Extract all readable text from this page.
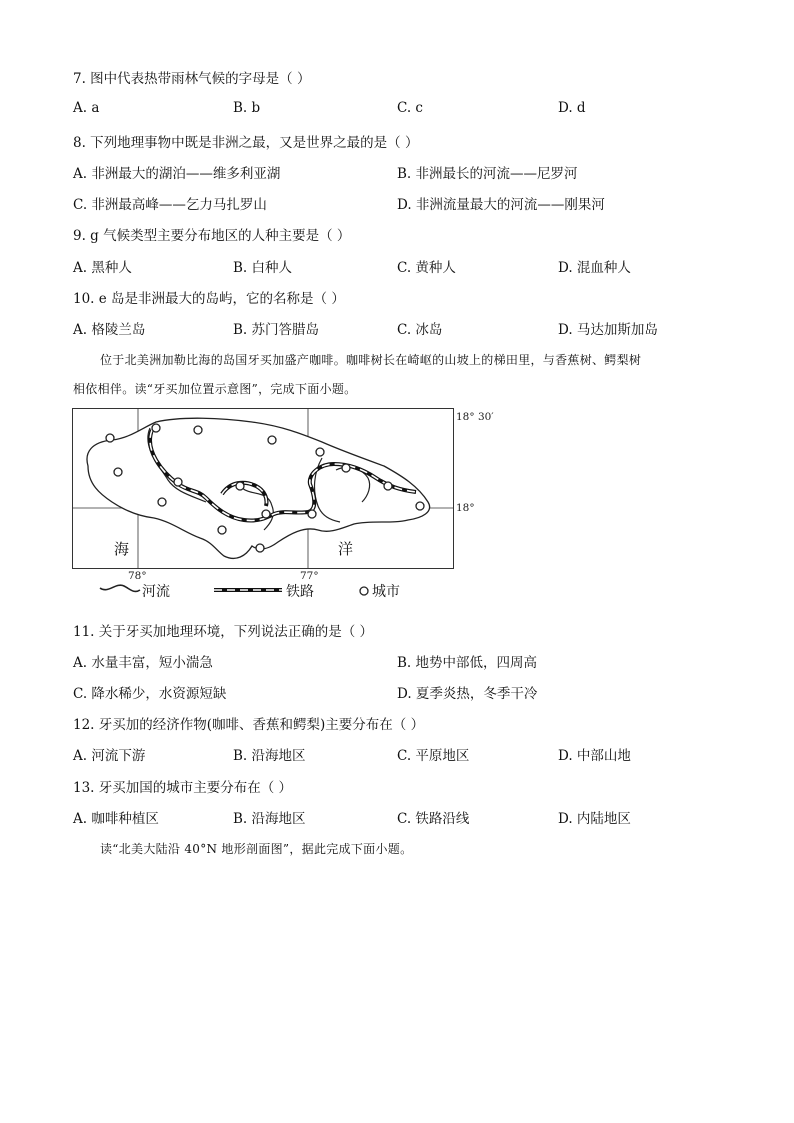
7. 图中代表热带雨林气候的字母是（ ）
A. a	B. b	C. c	D. d
8. 下列地理事物中既是非洲之最，又是世界之最的是（ ）
A. 非洲最大的湖泊——维多利亚湖	B. 非洲最长的河流——尼罗河
C. 非洲最高峰——乞力马扎罗山	D. 非洲流量最大的河流——刚果河
9. g 气候类型主要分布地区的人种主要是（ ）
A. 黑种人	B. 白种人	C. 黄种人	D. 混血种人
10. e 岛是非洲最大的岛屿，它的名称是（ ）
A. 格陵兰岛	B. 苏门答腊岛	C. 冰岛	D. 马达加斯加岛
位于北美洲加勒比海的岛国牙买加盛产咖啡。咖啡树长在崎岖的山坡上的梯田里，与香蕉树、鳄梨树
相依相伴。读“牙买加位置示意图”，完成下面小题。
18° 30′
18°
78°	77°
海	洋
河流	铁路	城市
11. 关于牙买加地理环境，下列说法正确的是（ ）
A. 水量丰富，短小湍急	B. 地势中部低，四周高
C. 降水稀少，水资源短缺	D. 夏季炎热，冬季干冷
12. 牙买加的经济作物(咖啡、香蕉和鳄梨)主要分布在（ ）
A. 河流下游	B. 沿海地区	C. 平原地区	D. 中部山地
13. 牙买加国的城市主要分布在（ ）
A. 咖啡种植区	B. 沿海地区	C. 铁路沿线	D. 内陆地区
读“北美大陆沿 40°N 地形剖面图”，据此完成下面小题。
